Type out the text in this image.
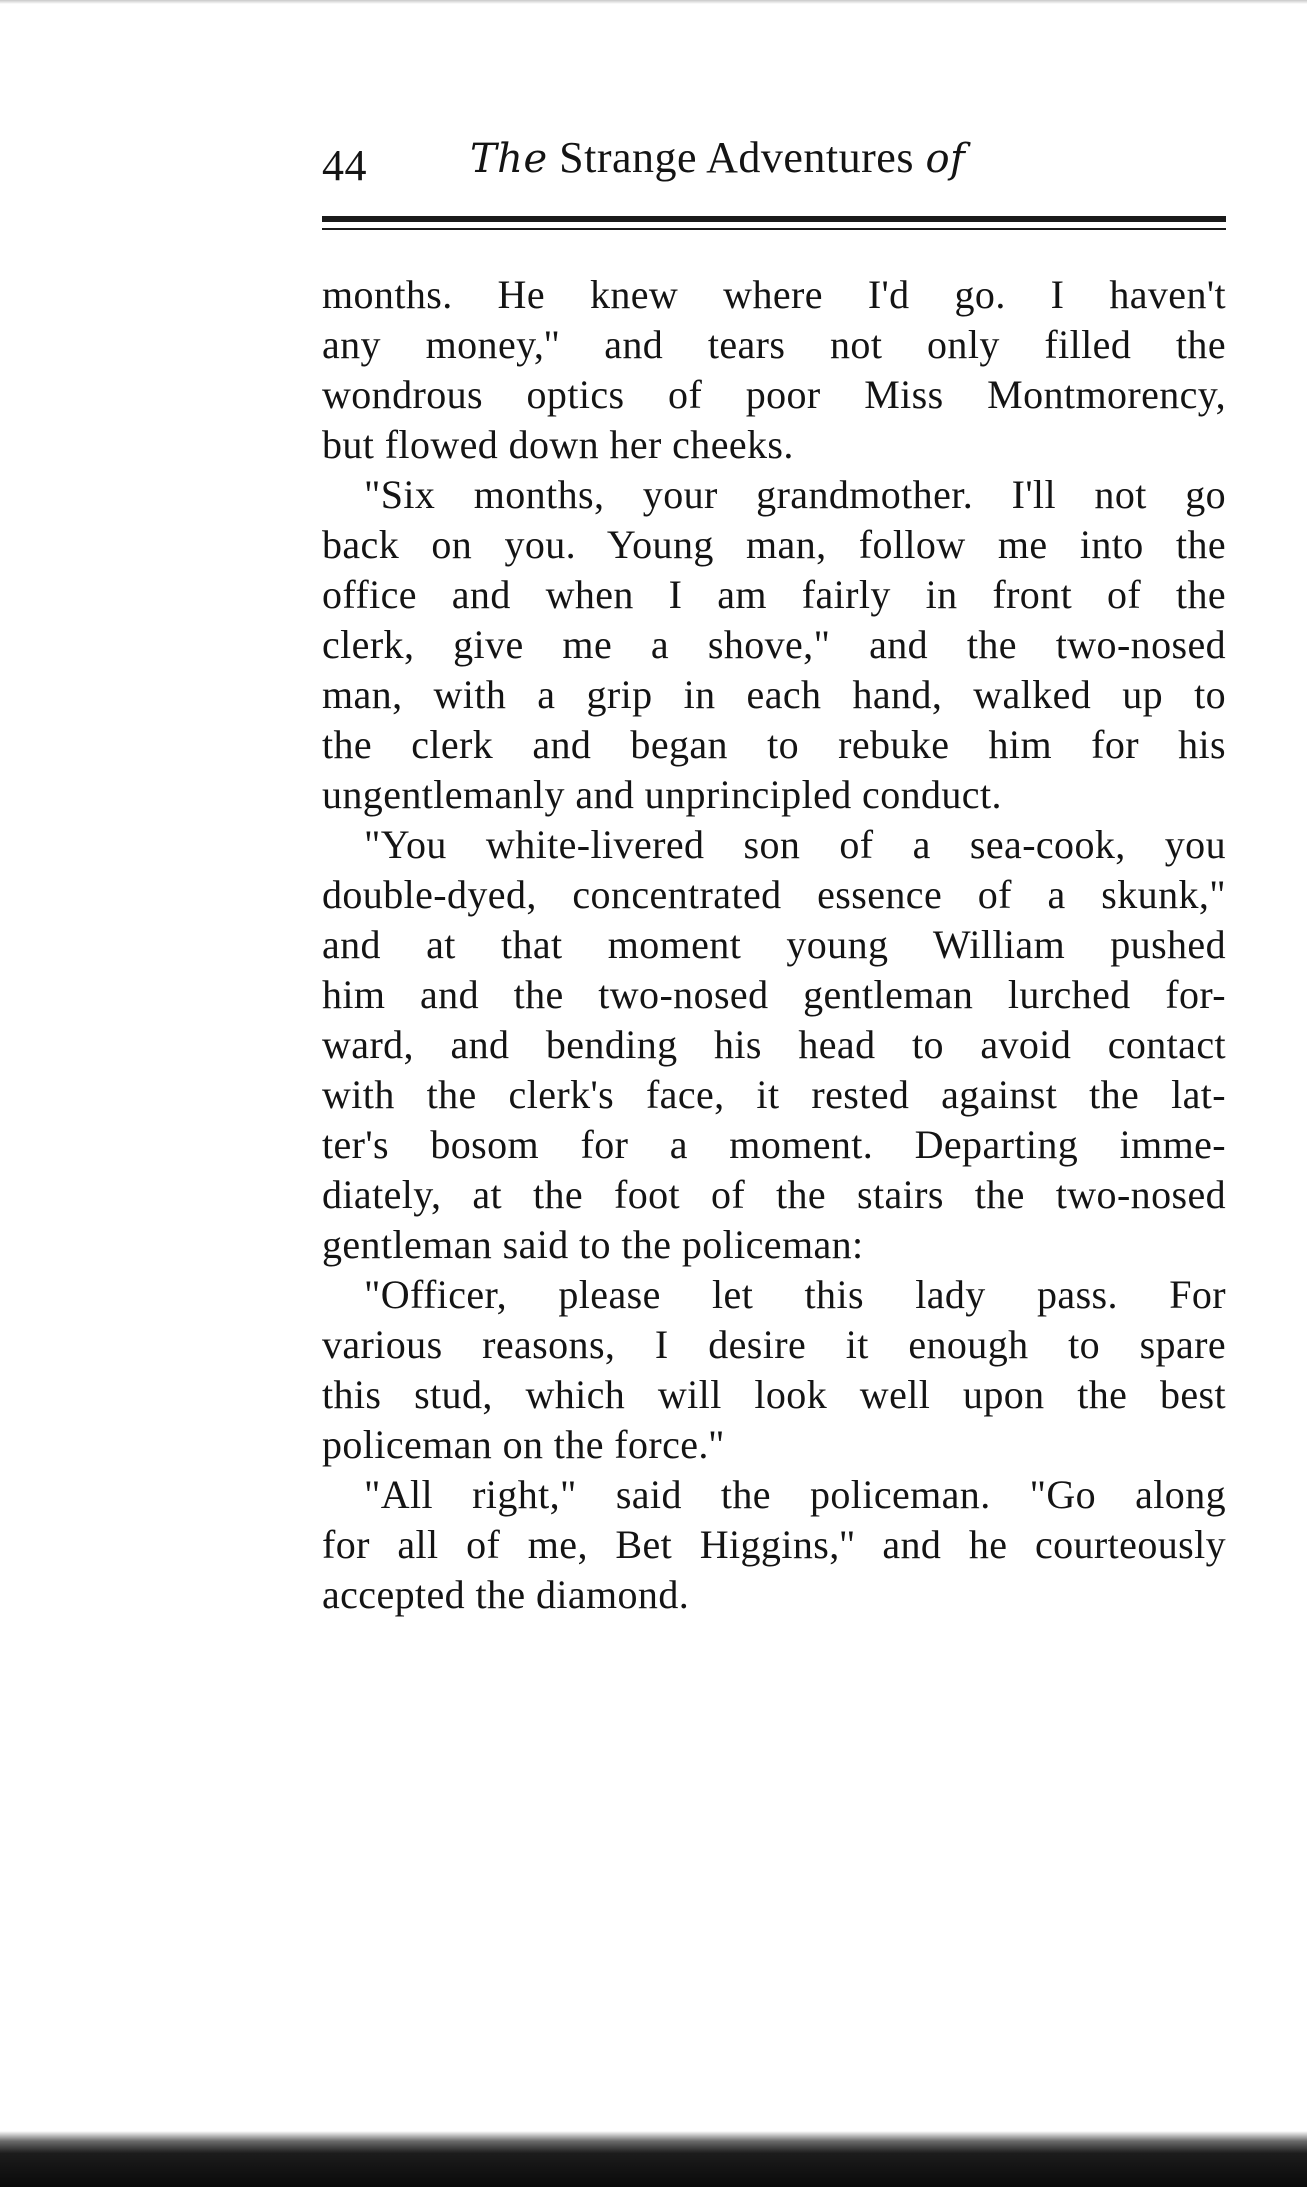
44	The Strange Adventures of

months. He knew where I'd go. I haven't
any money,'' and tears not only filled the
wondrous optics of poor Miss Montmorency,
but flowed down her cheeks.

"Six months, your grandmother. I'll not go
back on you. Young man, follow me into the
office and when I am fairly in front of the
clerk, give me a shove," and the two-nosed
man, with a grip in each hand, walked up to
the clerk and began to rebuke him for his
ungentlemanly and unprincipled conduct.

"You white-livered son of a sea-cook, you
double-dyed, concentrated essence of a skunk,"
and at that moment young William pushed
him and the two-nosed gentleman lurched for-
ward, and bending his head to avoid contact
with the clerk's face, it rested against the lat-
ter's bosom for a moment. Departing imme-
diately, at the foot of the stairs the two-nosed
gentleman said to the policeman:

"Officer, please let this lady pass. For
various reasons, I desire it enough to spare
this stud, which will look well upon the best
policeman on the force.''

"All right," said the policeman. "Go along
for all of me, Bet Higgins,'' and he courteously
accepted the diamond.
